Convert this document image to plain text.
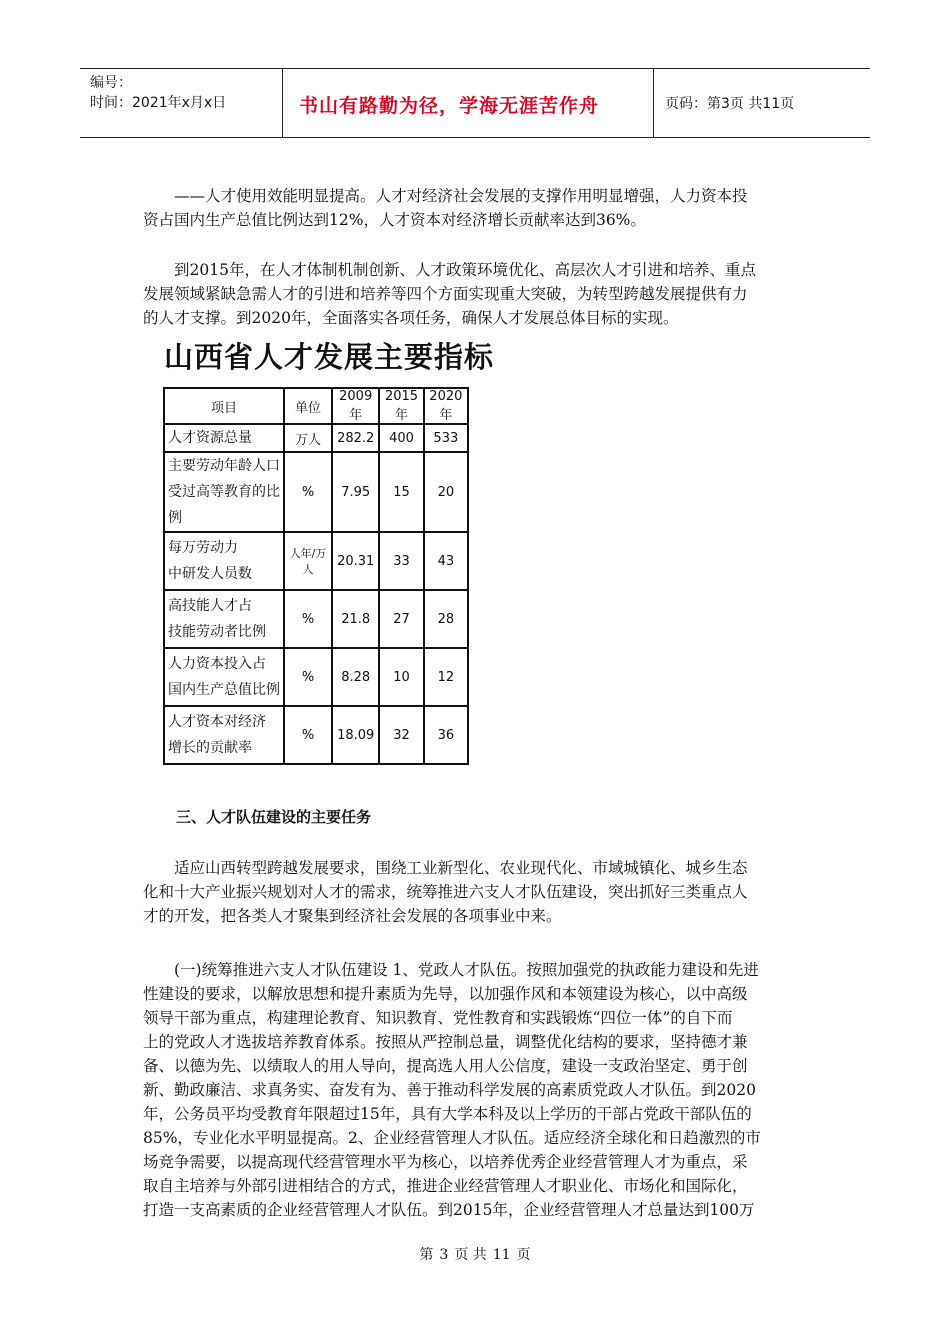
编号：
时间：2021年x月x日	书山有路勤为径，学海无涯苦作舟	页码：第3页 共11页
——人才使用效能明显提高。人才对经济社会发展的支撑作用明显增强，人力资本投
资占国内生产总值比例达到12%，人才资本对经济增长贡献率达到36%。
到2015年，在人才体制机制创新、人才政策环境优化、高层次人才引进和培养、重点
发展领域紧缺急需人才的引进和培养等四个方面实现重大突破，为转型跨越发展提供有力
的人才支撑。到2020年，全面落实各项任务，确保人才发展总体目标的实现。
山西省人才发展主要指标
项目	单位	2009年	2015年	2020年
人才资源总量	万人	282.2	400	533
主要劳动年龄人口
受过高等教育的比例	%	7.95	15	20
每万劳动力
中研发人员数	人年/万人	20.31	33	43
高技能人才占
技能劳动者比例	%	21.8	27	28
人力资本投入占
国内生产总值比例	%	8.28	10	12
人才资本对经济
增长的贡献率	%	18.09	32	36
三、人才队伍建设的主要任务
适应山西转型跨越发展要求，围绕工业新型化、农业现代化、市域城镇化、城乡生态
化和十大产业振兴规划对人才的需求，统筹推进六支人才队伍建设，突出抓好三类重点人
才的开发，把各类人才聚集到经济社会发展的各项事业中来。
(一)统筹推进六支人才队伍建设 1、党政人才队伍。按照加强党的执政能力建设和先进
性建设的要求，以解放思想和提升素质为先导，以加强作风和本领建设为核心，以中高级
领导干部为重点，构建理论教育、知识教育、党性教育和实践锻炼“四位一体”的自下而
上的党政人才选拔培养教育体系。按照从严控制总量，调整优化结构的要求，坚持德才兼
备、以德为先、以绩取人的用人导向，提高选人用人公信度，建设一支政治坚定、勇于创
新、勤政廉洁、求真务实、奋发有为、善于推动科学发展的高素质党政人才队伍。到2020
年，公务员平均受教育年限超过15年，具有大学本科及以上学历的干部占党政干部队伍的
85%，专业化水平明显提高。2、企业经营管理人才队伍。适应经济全球化和日趋激烈的市
场竞争需要，以提高现代经营管理水平为核心，以培养优秀企业经营管理人才为重点，采
取自主培养与外部引进相结合的方式，推进企业经营管理人才职业化、市场化和国际化，
打造一支高素质的企业经营管理人才队伍。到2015年，企业经营管理人才总量达到100万
第 3 页 共 11 页
